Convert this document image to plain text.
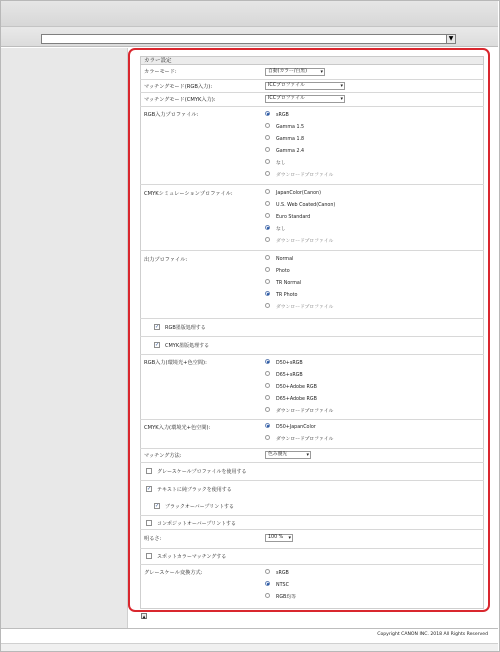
▼
カラー設定
カラーモード:	自動(カラー/白黒)	▾
マッチングモード(RGB入力):	ICCプロファイル	▾
マッチングモード(CMYK入力):	ICCプロファイル	▾
RGB入力プロファイル:	sRGB
Gamma 1.5
Gamma 1.8
Gamma 2.4
なし
ダウンロードプロファイル
CMYKシミュレーションプロファイル:	JapanColor(Canon)
U.S. Web Coated(Canon)
Euro Standard
なし
ダウンロードプロファイル
出力プロファイル:	Normal
Photo
TR Normal
TR Photo
ダウンロードプロファイル
✓ RGB墨版処理する
✓ CMYK墨版処理する
RGB入力(環境光+色空間):	D50+sRGB
D65+sRGB
D50+Adobe RGB
D65+Adobe RGB
ダウンロードプロファイル
CMYK入力(環境光+色空間):	D50+JapanColor
ダウンロードプロファイル
マッチング方法:	色み優先	▾
グレースケールプロファイルを使用する
✓ テキストに純ブラックを使用する
✓ ブラックオーバープリントする
コンポジットオーバープリントする
明るさ:	100 % ▾
スポットカラーマッチングする
グレースケール変換方式:	sRGB
NTSC
RGB均等
▲
Copyright CANON INC. 2018 All Rights Reserved
